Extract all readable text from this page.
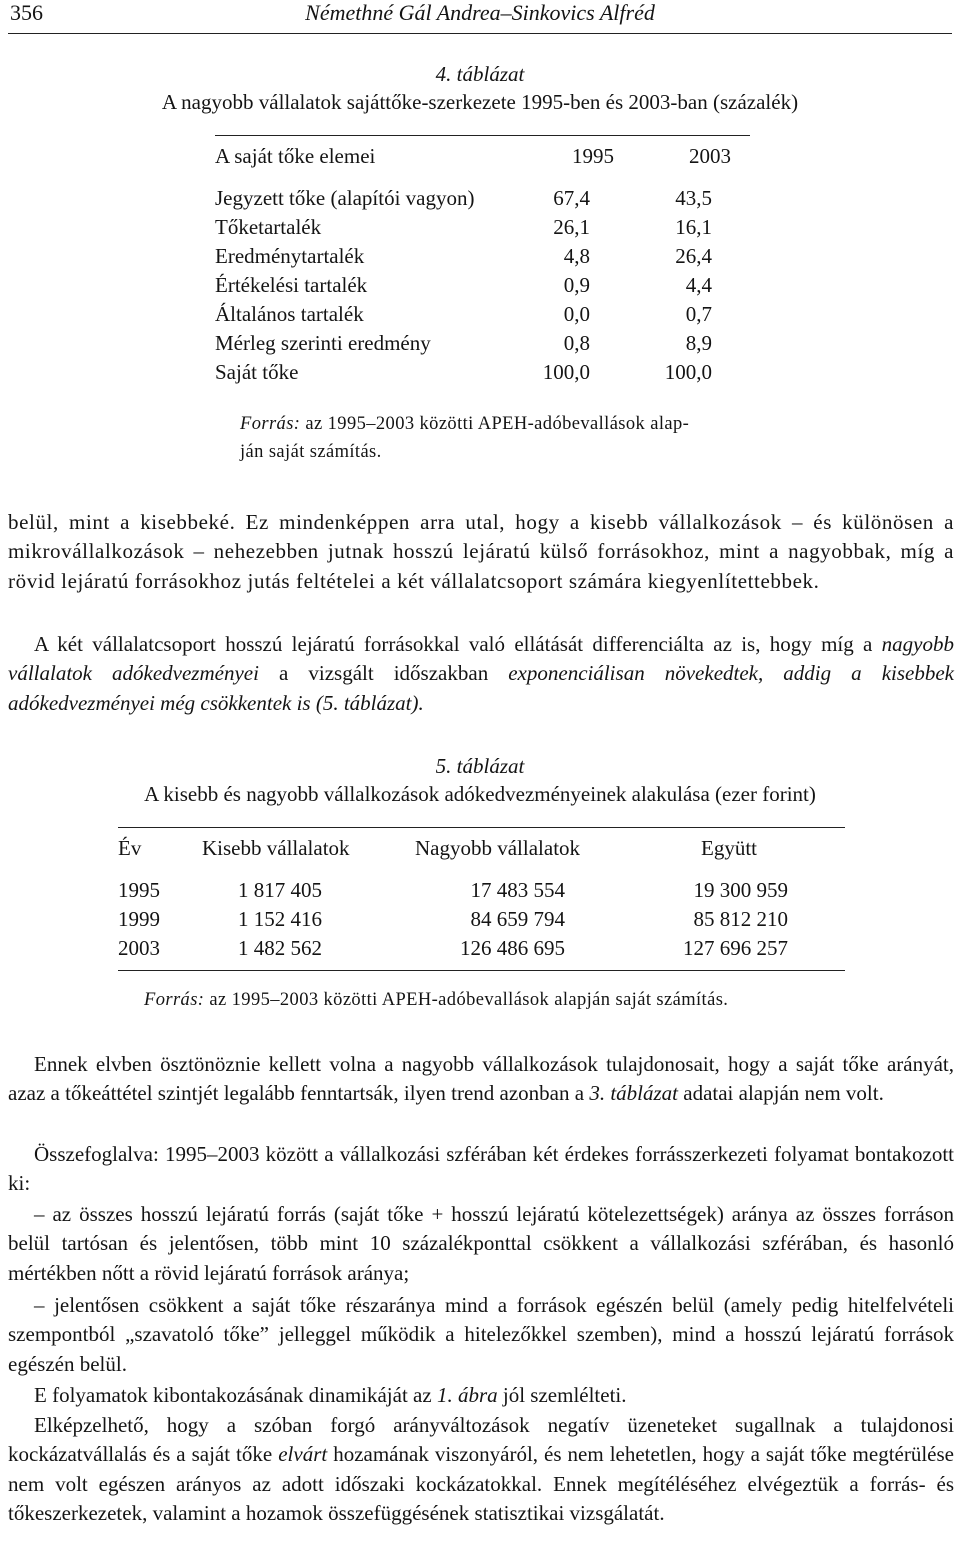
356	Némethné Gál Andrea–Sinkovics Alfréd
4. táblázat
A nagyobb vállalatok sajáttőke-szerkezete 1995-ben és 2003-ban (százalék)
A saját tőke elemei	1995	2003
Jegyzett tőke (alapítói vagyon)	67,4	43,5
Tőketartalék	26,1	16,1
Eredménytartalék	4,8	26,4
Értékelési tartalék	0,9	4,4
Általános tartalék	0,0	0,7
Mérleg szerinti eredmény	0,8	8,9
Saját tőke	100,0	100,0
Forrás: az 1995–2003 közötti APEH-adóbevallások alap-
ján saját számítás.
belül, mint a kisebbeké. Ez mindenképpen arra utal, hogy a kisebb vállalkozások – és különösen a mikrovállalkozások – nehezebben jutnak hosszú lejáratú külső forrásokhoz, mint a nagyobbak, míg a rövid lejáratú forrásokhoz jutás feltételei a két vállalatcsoport számára kiegyenlítettebbek.
A két vállalatcsoport hosszú lejáratú forrásokkal való ellátását differenciálta az is, hogy míg a nagyobb vállalatok adókedvezményei a vizsgált időszakban exponenciálisan növekedtek, addig a kisebbek adókedvezményei még csökkentek is (5. táblázat).
5. táblázat
A kisebb és nagyobb vállalkozások adókedvezményeinek alakulása (ezer forint)
Év	Kisebb vállalatok	Nagyobb vállalatok	Együtt
1995	1 817 405	17 483 554	19 300 959
1999	1 152 416	84 659 794	85 812 210
2003	1 482 562	126 486 695	127 696 257
Forrás: az 1995–2003 közötti APEH-adóbevallások alapján saját számítás.
Ennek elvben ösztönöznie kellett volna a nagyobb vállalkozások tulajdonosait, hogy a saját tőke arányát, azaz a tőkeáttétel szintjét legalább fenntartsák, ilyen trend azonban a 3. táblázat adatai alapján nem volt.
Összefoglalva: 1995–2003 között a vállalkozási szférában két érdekes forrásszerkezeti folyamat bontakozott ki:
– az összes hosszú lejáratú forrás (saját tőke + hosszú lejáratú kötelezettségek) aránya az összes forráson belül tartósan és jelentősen, több mint 10 százalékponttal csökkent a vállalkozási szférában, és hasonló mértékben nőtt a rövid lejáratú források aránya;
– jelentősen csökkent a saját tőke részaránya mind a források egészén belül (amely pedig hitelfelvételi szempontból „szavatoló tőke” jelleggel működik a hitelezőkkel szemben), mind a hosszú lejáratú források egészén belül.
E folyamatok kibontakozásának dinamikáját az 1. ábra jól szemlélteti.
Elképzelhető, hogy a szóban forgó arányváltozások negatív üzeneteket sugallnak a tulajdonosi kockázatvállalás és a saját tőke elvárt hozamának viszonyáról, és nem lehetetlen, hogy a saját tőke megtérülése nem volt egészen arányos az adott időszaki kockázatokkal. Ennek megítéléséhez elvégeztük a forrás- és tőkeszerkezetek, valamint a hozamok összefüggésének statisztikai vizsgálatát.
